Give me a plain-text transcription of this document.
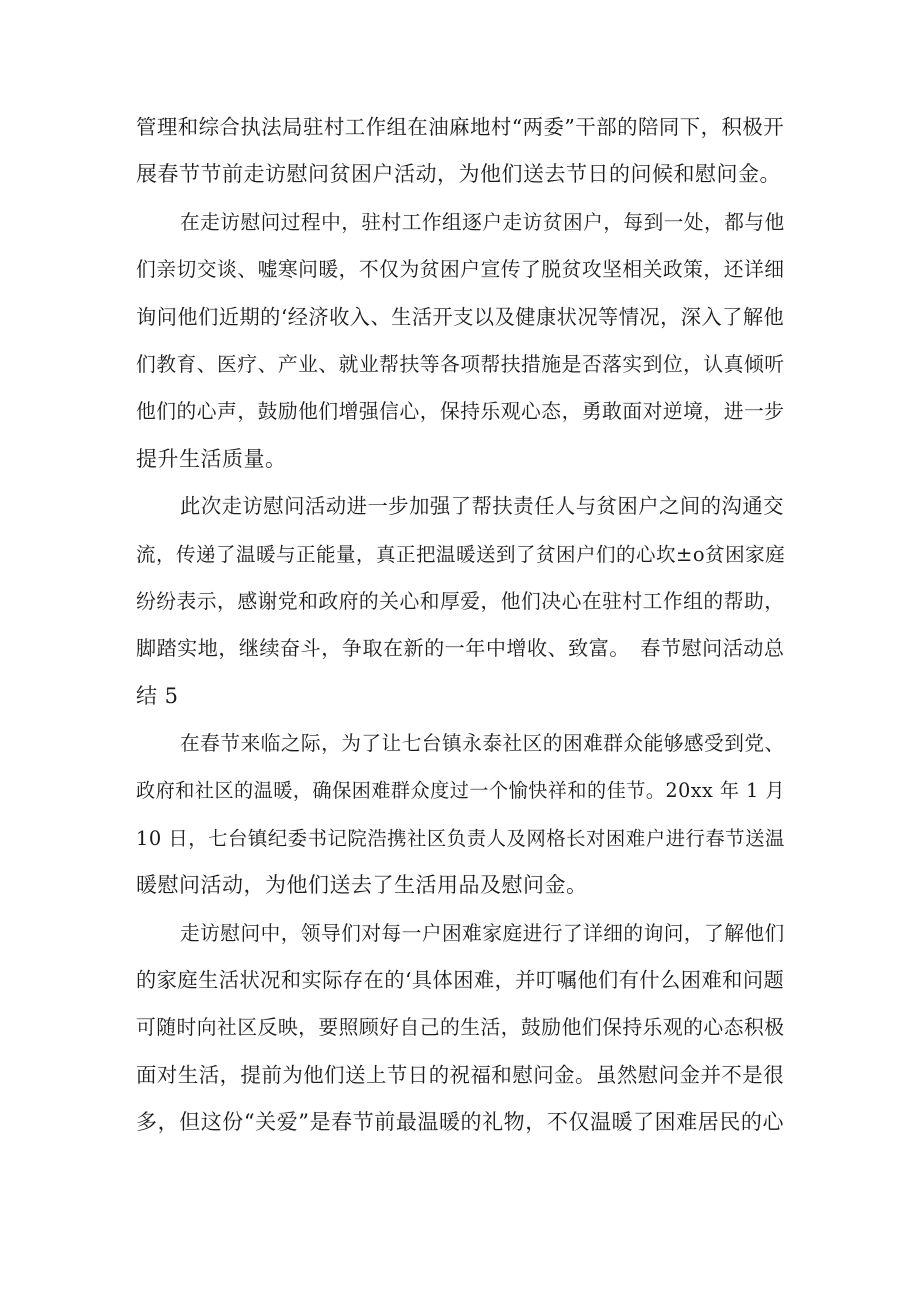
管理和综合执法局驻村工作组在油麻地村“两委”干部的陪同下，积极开
展春节节前走访慰问贫困户活动，为他们送去节日的问候和慰问金。
在走访慰问过程中，驻村工作组逐户走访贫困户，每到一处，都与他
们亲切交谈、嘘寒问暖，不仅为贫困户宣传了脱贫攻坚相关政策，还详细
询问他们近期的‘经济收入、生活开支以及健康状况等情况，深入了解他
们教育、医疗、产业、就业帮扶等各项帮扶措施是否落实到位，认真倾听
他们的心声，鼓励他们增强信心，保持乐观心态，勇敢面对逆境，进一步
提升生活质量。
此次走访慰问活动进一步加强了帮扶责任人与贫困户之间的沟通交
流，传递了温暖与正能量，真正把温暖送到了贫困户们的心坎±o贫困家庭
纷纷表示，感谢党和政府的关心和厚爱，他们决心在驻村工作组的帮助，
脚踏实地，继续奋斗，争取在新的一年中增收、致富。　春节慰问活动总
结 5
在春节来临之际，为了让七台镇永泰社区的困难群众能够感受到党、
政府和社区的温暖，确保困难群众度过一个愉快祥和的佳节。20xx 年 1 月
10 日，七台镇纪委书记院浩携社区负责人及网格长对困难户进行春节送温
暖慰问活动，为他们送去了生活用品及慰问金。
走访慰问中，领导们对每一户困难家庭进行了详细的询问，了解他们
的家庭生活状况和实际存在的‘具体困难，并叮嘱他们有什么困难和问题
可随时向社区反映，要照顾好自己的生活，鼓励他们保持乐观的心态积极
面对生活，提前为他们送上节日的祝福和慰问金。虽然慰问金并不是很
多，但这份“关爱”是春节前最温暖的礼物，不仅温暖了困难居民的心
